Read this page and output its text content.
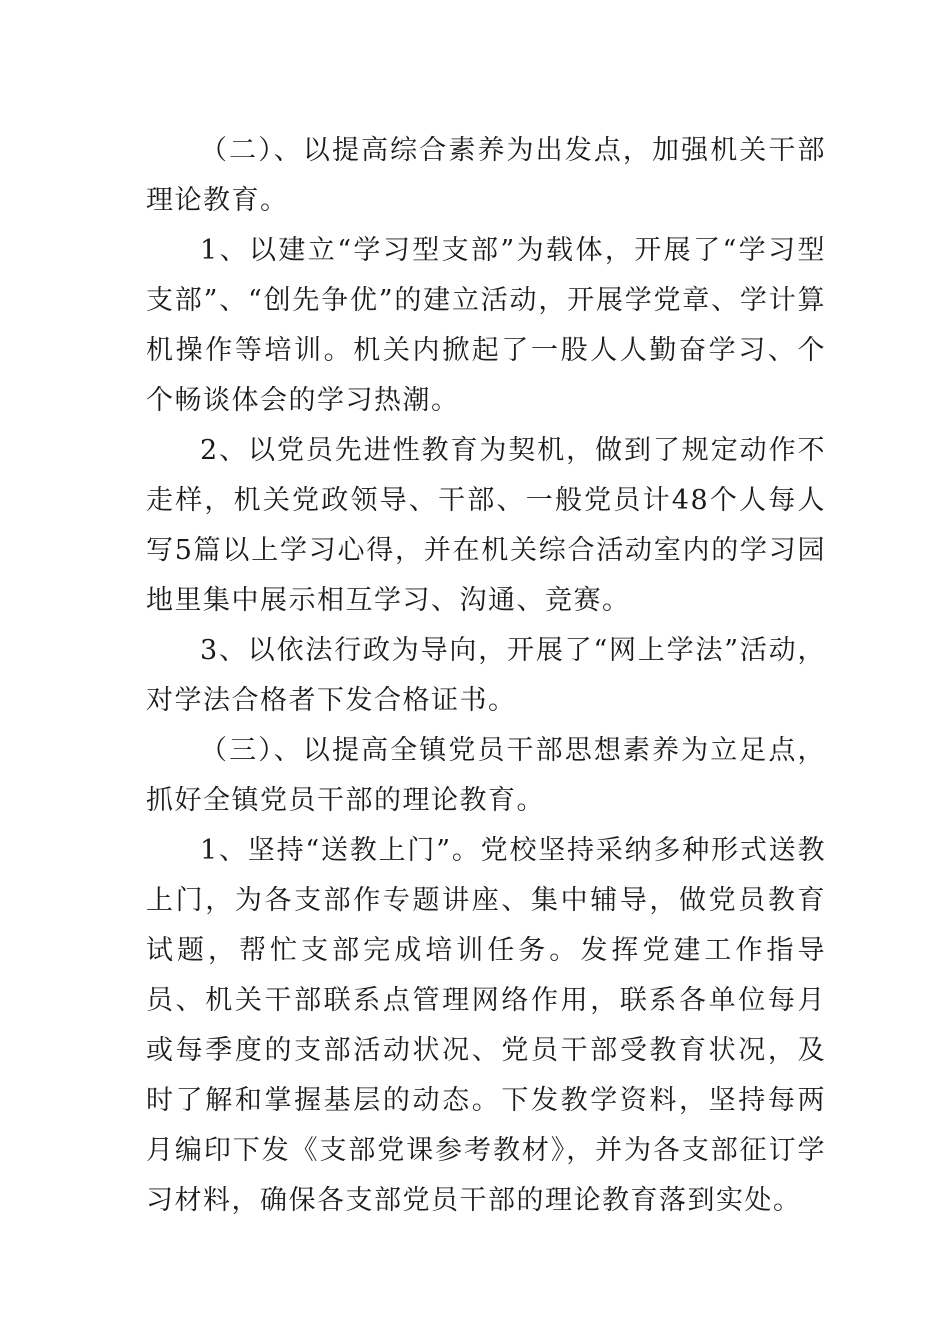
（二）、以提高综合素养为出发点，加强机关干部理论教育。

1、以建立“学习型支部”为载体，开展了“学习型支部”、“创先争优”的建立活动，开展学党章、学计算机操作等培训。机关内掀起了一股人人勤奋学习、个个畅谈体会的学习热潮。

2、以党员先进性教育为契机，做到了规定动作不走样，机关党政领导、干部、一般党员计48个人每人写5篇以上学习心得，并在机关综合活动室内的学习园地里集中展示相互学习、沟通、竞赛。

3、以依法行政为导向，开展了“网上学法”活动，对学法合格者下发合格证书。

（三）、以提高全镇党员干部思想素养为立足点，抓好全镇党员干部的理论教育。

1、坚持“送教上门”。党校坚持采纳多种形式送教上门，为各支部作专题讲座、集中辅导，做党员教育试题，帮忙支部完成培训任务。发挥党建工作指导员、机关干部联系点管理网络作用，联系各单位每月或每季度的支部活动状况、党员干部受教育状况，及时了解和掌握基层的动态。下发教学资料，坚持每两月编印下发《支部党课参考教材》，并为各支部征订学习材料，确保各支部党员干部的理论教育落到实处。
